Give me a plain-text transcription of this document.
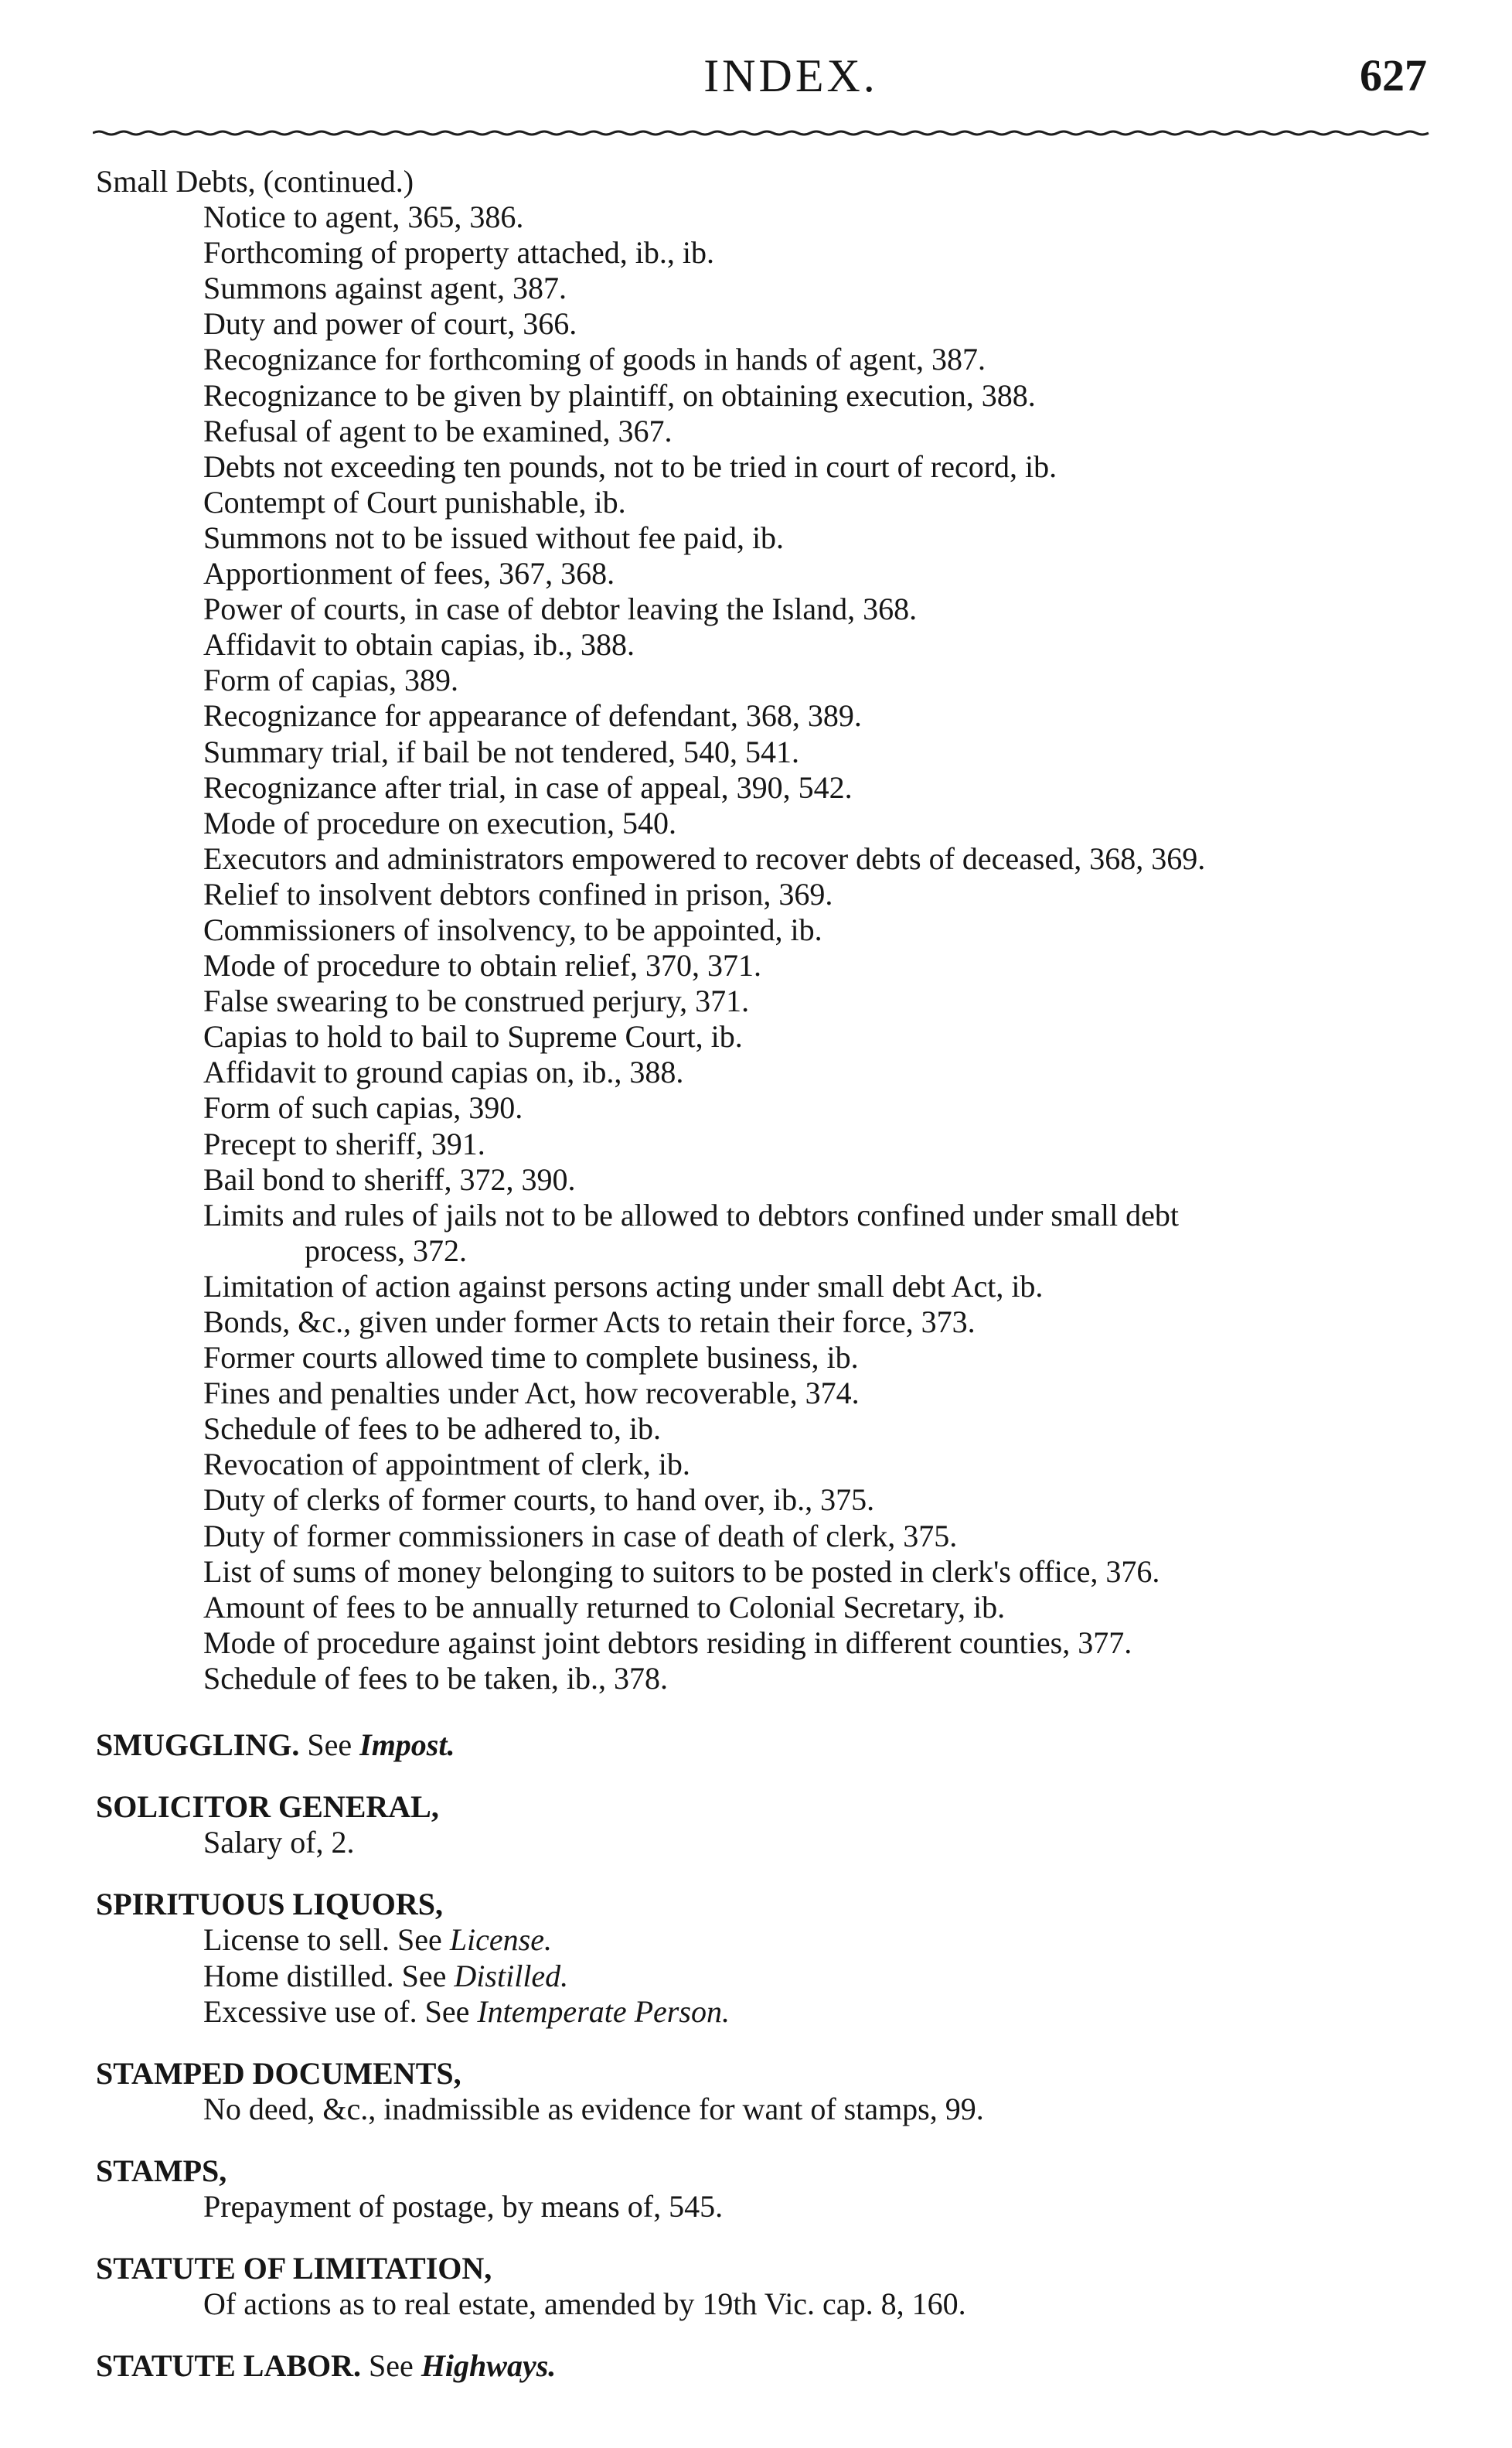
INDEX.	627
Small Debts, (continued.)
Notice to agent, 365, 386.
Forthcoming of property attached, ib., ib.
Summons against agent, 387.
Duty and power of court, 366.
Recognizance for forthcoming of goods in hands of agent, 387.
Recognizance to be given by plaintiff, on obtaining execution, 388.
Refusal of agent to be examined, 367.
Debts not exceeding ten pounds, not to be tried in court of record, ib.
Contempt of Court punishable, ib.
Summons not to be issued without fee paid, ib.
Apportionment of fees, 367, 368.
Power of courts, in case of debtor leaving the Island, 368.
Affidavit to obtain capias, ib., 388.
Form of capias, 389.
Recognizance for appearance of defendant, 368, 389.
Summary trial, if bail be not tendered, 540, 541.
Recognizance after trial, in case of appeal, 390, 542.
Mode of procedure on execution, 540.
Executors and administrators empowered to recover debts of deceased, 368, 369.
Relief to insolvent debtors confined in prison, 369.
Commissioners of insolvency, to be appointed, ib.
Mode of procedure to obtain relief, 370, 371.
False swearing to be construed perjury, 371.
Capias to hold to bail to Supreme Court, ib.
Affidavit to ground capias on, ib., 388.
Form of such capias, 390.
Precept to sheriff, 391.
Bail bond to sheriff, 372, 390.
Limits and rules of jails not to be allowed to debtors confined under small debt
process, 372.
Limitation of action against persons acting under small debt Act, ib.
Bonds, &c., given under former Acts to retain their force, 373.
Former courts allowed time to complete business, ib.
Fines and penalties under Act, how recoverable, 374.
Schedule of fees to be adhered to, ib.
Revocation of appointment of clerk, ib.
Duty of clerks of former courts, to hand over, ib., 375.
Duty of former commissioners in case of death of clerk, 375.
List of sums of money belonging to suitors to be posted in clerk's office, 376.
Amount of fees to be annually returned to Colonial Secretary, ib.
Mode of procedure against joint debtors residing in different counties, 377.
Schedule of fees to be taken, ib., 378.
SMUGGLING. See Impost.
SOLICITOR GENERAL,
Salary of, 2.
SPIRITUOUS LIQUORS,
License to sell. See License.
Home distilled. See Distilled.
Excessive use of. See Intemperate Person.
STAMPED DOCUMENTS,
No deed, &c., inadmissible as evidence for want of stamps, 99.
STAMPS,
Prepayment of postage, by means of, 545.
STATUTE OF LIMITATION,
Of actions as to real estate, amended by 19th Vic. cap. 8, 160.
STATUTE LABOR. See Highways.
